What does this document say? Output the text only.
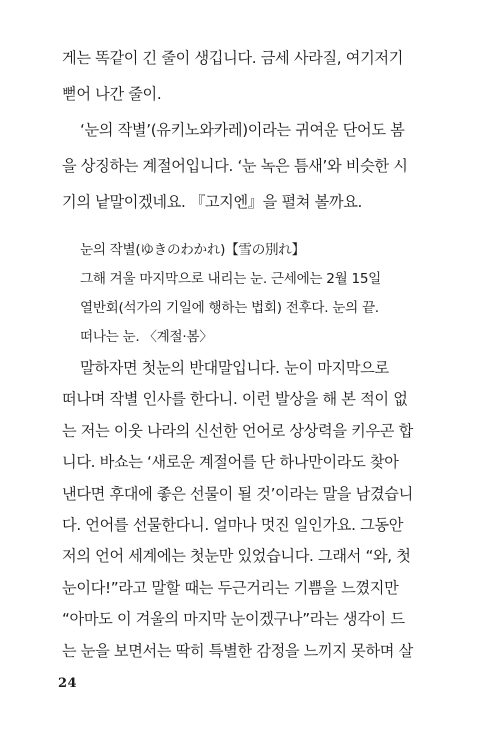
게는 똑같이 긴 줄이 생깁니다. 금세 사라질, 여기저기
뻗어 나간 줄이.
‘눈의 작별’(유키노와카레)이라는 귀여운 단어도 봄
을 상징하는 계절어입니다. ‘눈 녹은 틈새’와 비슷한 시
기의 낱말이겠네요. 『고지엔』을 펼쳐 볼까요.
눈의 작별(ゆきのわかれ)【雪の別れ】
그해 겨울 마지막으로 내리는 눈. 근세에는 2월 15일
열반회(석가의 기일에 행하는 법회) 전후다. 눈의 끝.
떠나는 눈. 〈계절·봄〉
말하자면 첫눈의 반대말입니다. 눈이 마지막으로
떠나며 작별 인사를 한다니. 이런 발상을 해 본 적이 없
는 저는 이웃 나라의 신선한 언어로 상상력을 키우곤 합
니다. 바쇼는 ‘새로운 계절어를 단 하나만이라도 찾아
낸다면 후대에 좋은 선물이 될 것’이라는 말을 남겼습니
다. 언어를 선물한다니. 얼마나 멋진 일인가요. 그동안
저의 언어 세계에는 첫눈만 있었습니다. 그래서 “와, 첫
눈이다!”라고 말할 때는 두근거리는 기쁨을 느꼈지만
“아마도 이 겨울의 마지막 눈이겠구나”라는 생각이 드
는 눈을 보면서는 딱히 특별한 감정을 느끼지 못하며 살
24
